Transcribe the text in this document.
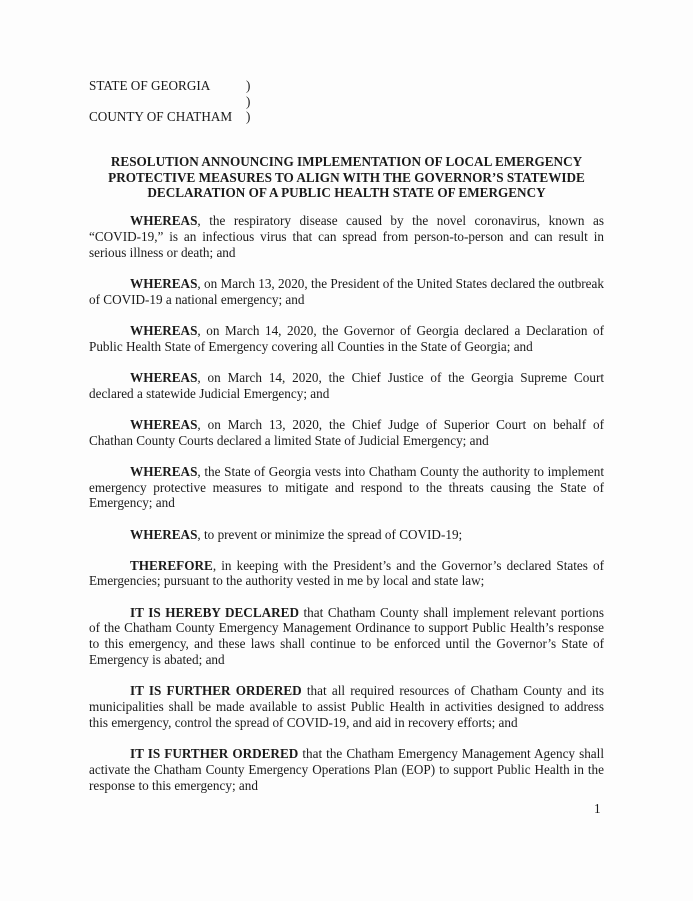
STATE OF GEORGIA	)
)
COUNTY OF CHATHAM	)
RESOLUTION ANNOUNCING IMPLEMENTATION OF LOCAL EMERGENCY
PROTECTIVE MEASURES TO ALIGN WITH THE GOVERNOR’S STATEWIDE
DECLARATION OF A PUBLIC HEALTH STATE OF EMERGENCY

WHEREAS, the respiratory disease caused by the novel coronavirus, known as “COVID-19,” is an infectious virus that can spread from person-to-person and can result in serious illness or death; and

WHEREAS, on March 13, 2020, the President of the United States declared the outbreak of COVID-19 a national emergency; and

WHEREAS, on March 14, 2020, the Governor of Georgia declared a Declaration of Public Health State of Emergency covering all Counties in the State of Georgia; and

WHEREAS, on March 14, 2020, the Chief Justice of the Georgia Supreme Court declared a statewide Judicial Emergency; and

WHEREAS, on March 13, 2020, the Chief Judge of Superior Court on behalf of Chathan County Courts declared a limited State of Judicial Emergency; and

WHEREAS, the State of Georgia vests into Chatham County the authority to implement emergency protective measures to mitigate and respond to the threats causing the State of Emergency; and

WHEREAS, to prevent or minimize the spread of COVID-19;

THEREFORE, in keeping with the President’s and the Governor’s declared States of Emergencies; pursuant to the authority vested in me by local and state law;

IT IS HEREBY DECLARED that Chatham County shall implement relevant portions of the Chatham County Emergency Management Ordinance to support Public Health’s response to this emergency, and these laws shall continue to be enforced until the Governor’s State of Emergency is abated; and

IT IS FURTHER ORDERED that all required resources of Chatham County and its municipalities shall be made available to assist Public Health in activities designed to address this emergency, control the spread of COVID-19, and aid in recovery efforts; and

IT IS FURTHER ORDERED that the Chatham Emergency Management Agency shall activate the Chatham County Emergency Operations Plan (EOP) to support Public Health in the response to this emergency; and

1
